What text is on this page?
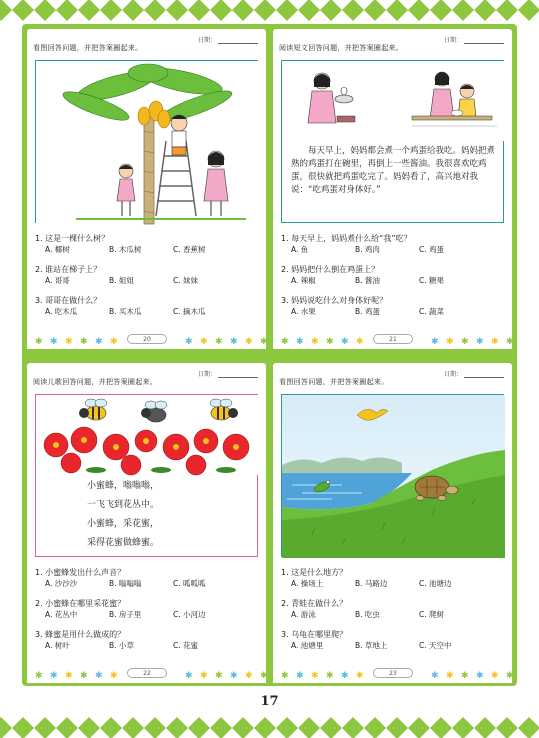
日期：
看图回答问题，并把答案圈起来。
1. 这是一棵什么树？
A. 椰树	B. 木瓜树	C. 香蕉树
2. 谁站在梯子上？
A. 哥哥	B. 姐姐	C. 妹妹
3. 哥哥在做什么？
A. 吃木瓜	B. 买木瓜	C. 摘木瓜
✱ ✱ ✱ ✱ ✱ ✱	✱ ✱ ✱ ✱ ✱ ✱
20
日期：
阅读短文回答问题，并把答案圈起来。
每天早上，妈妈都会煮一个鸡蛋给我吃。妈妈把煮熟的鸡蛋打在碗里，再倒上一些酱油。我很喜欢吃鸡蛋，很快就把鸡蛋吃完了。妈妈看了，高兴地对我说：“吃鸡蛋对身体好。”
1. 每天早上，妈妈煮什么给“我”吃？
A. 鱼	B. 鸡肉	C. 鸡蛋
2. 妈妈把什么倒在鸡蛋上？
A. 辣椒	B. 酱油	C. 糖果
3. 妈妈说吃什么对身体好呢？
A. 水果	B. 鸡蛋	C. 蔬菜
✱ ✱ ✱ ✱ ✱ ✱	✱ ✱ ✱ ✱ ✱ ✱
21
日期：
阅读儿歌回答问题，并把答案圈起来。
小蜜蜂，嗡嗡嗡，
一飞飞到花丛中。
小蜜蜂，采花蜜，
采得花蜜做蜂蜜。
1. 小蜜蜂发出什么声音？
A. 沙沙沙	B. 嗡嗡嗡	C. 呱呱呱
2. 小蜜蜂在哪里采花蜜？
A. 花丛中	B. 房子里	C. 小河边
3. 蜂蜜是用什么做成的？
A. 树叶	B. 小草	C. 花蜜
✱ ✱ ✱ ✱ ✱ ✱	✱ ✱ ✱ ✱ ✱ ✱
22
日期：
看图回答问题，并把答案圈起来。
1. 这是什么地方？
A. 操场上	B. 马路边	C. 池塘边
2. 青蛙在做什么？
A. 游泳	B. 吃虫	C. 爬树
3. 乌龟在哪里爬？
A. 池塘里	B. 草地上	C. 天空中
✱ ✱ ✱ ✱ ✱ ✱	✱ ✱ ✱ ✱ ✱ ✱
23
17
